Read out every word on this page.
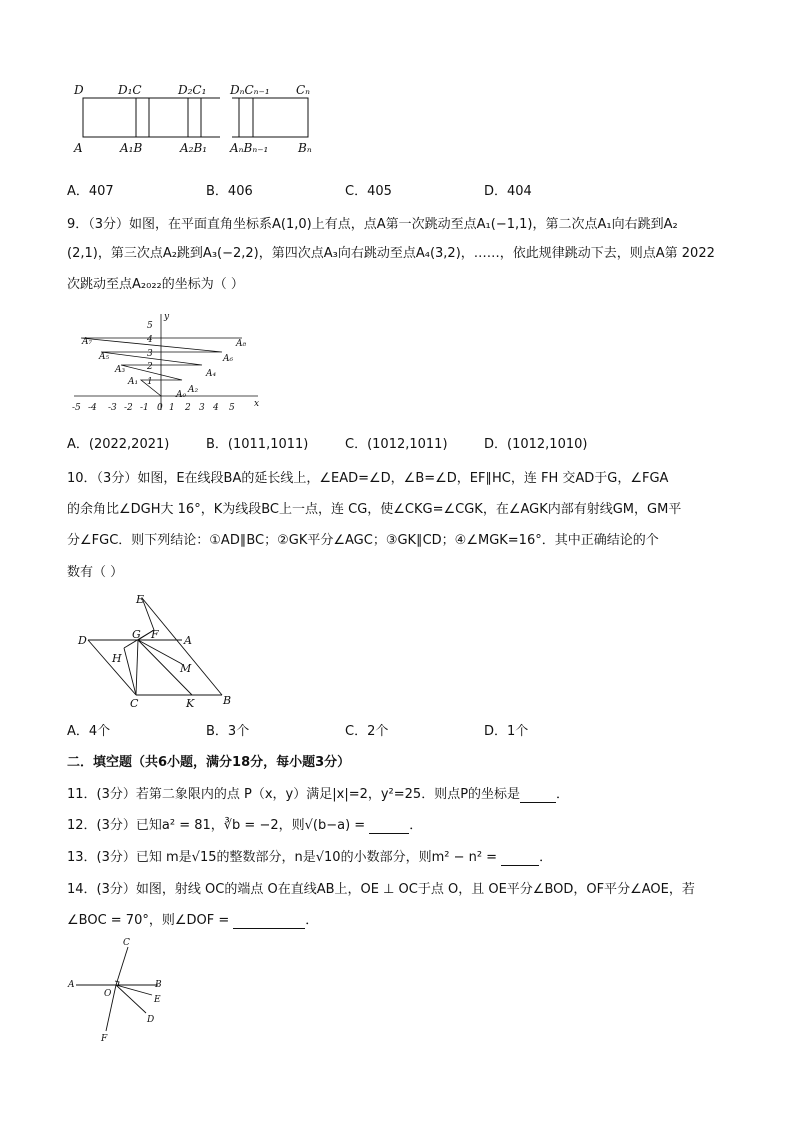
D	D₁C	D₂C₁ DₙCₙ₋₁ Cₙ
A	A₁B	A₂B₁ AₙBₙ₋₁ Bₙ
A．407	B．406	C．405	D．404
9．（3分）如图，在平面直角坐标系A(1,0)上有点，点A第一次跳动至点A₁(−1,1)，第二次点A₁向右跳到A₂
(2,1)，第三次点A₂跳到A₃(−2,2)，第四次点A₃向右跳动至点A₄(3,2)，……，依此规律跳动下去，则点A第 2022
次跳动至点A₂₀₂₂的坐标为（ ）
y
x
-5 -4 -3 -2 -1 0 1 2 3 4 5
1
2
3
4
5
A₀
A₁
A₂
A₃	A₄
A₅	A₆
A₇	A₈
A．(2022,2021)	B．(1011,1011)	C．(1012,1011)	D．(1012,1010)
10．（3分）如图，E在线段BA的延长线上，∠EAD=∠D，∠B=∠D，EF∥HC，连 FH 交AD于G，∠FGA
的余角比∠DGH大 16°，K为线段BC上一点，连 CG，使∠CKG=∠CGK，在∠AGK内部有射线GM，GM平
分∠FGC．则下列结论：①AD∥BC；②GK平分∠AGC；③GK∥CD；④∠MGK=16°．其中正确结论的个
数有（ ）
E
D	G F A
H
M
C	K	B
A．4个	B．3个	C．2个	D．1个
二．填空题（共6小题，满分18分，每小题3分）
11．(3分）若第二象限内的点 P（x，y）满足|x|=2，y²=25．则点P的坐标是	．
12．(3分）已知a² = 81，∛b = −2，则√(b−a) =	．
13．(3分）已知 m是√15的整数部分，n是√10的小数部分，则m² − n² =	．
14．(3分）如图，射线 OC的端点 O在直线AB上，OE ⊥ OC于点 O，且 OE平分∠BOD，OF平分∠AOE，若
∠BOC = 70°，则∠DOF =	．
C
A	B
O
E
D
F
